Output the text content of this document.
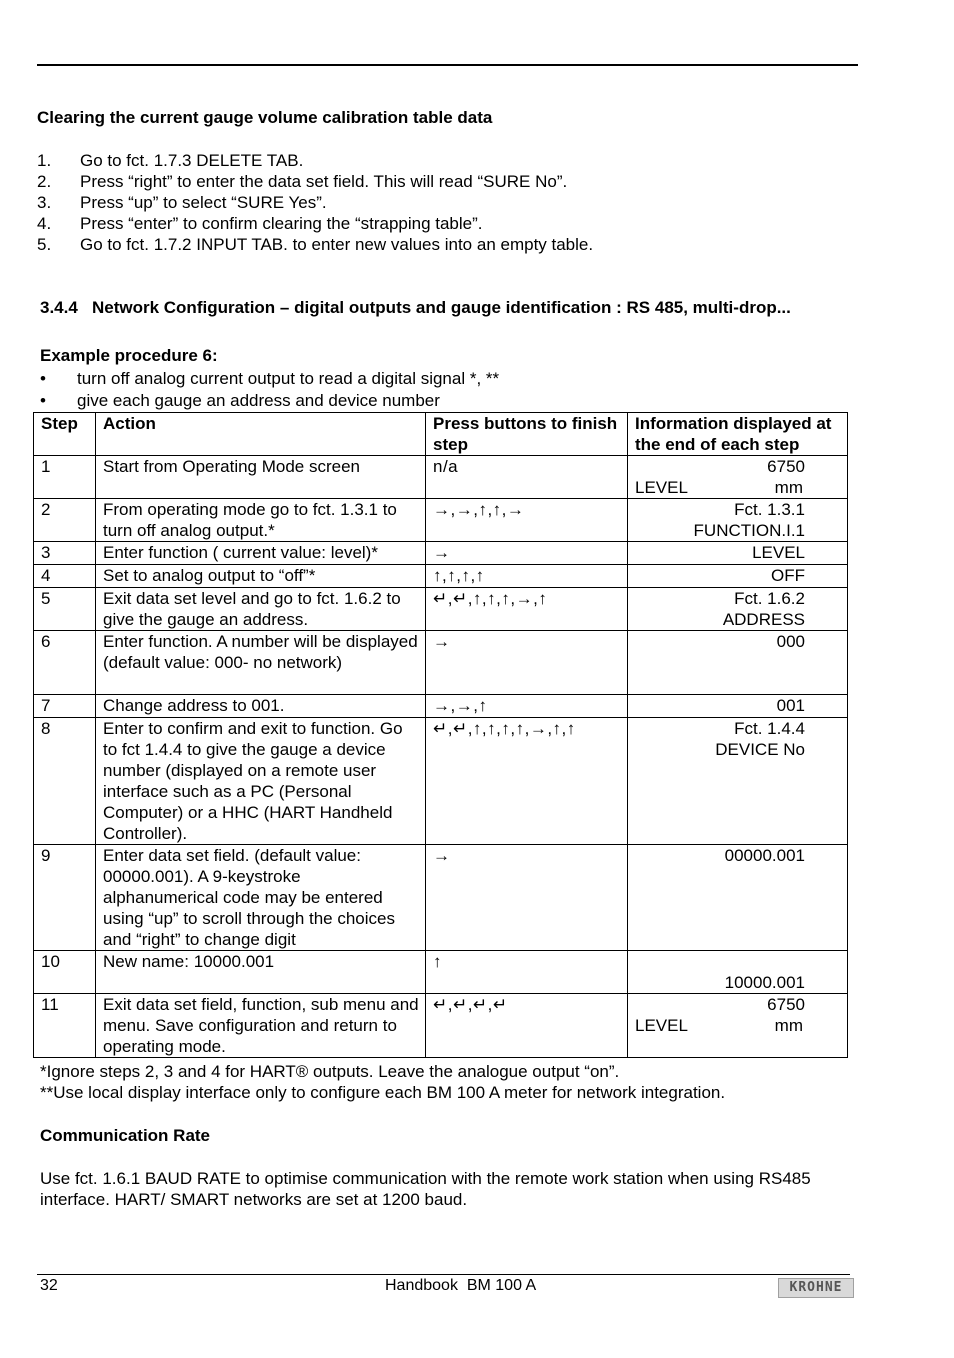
Clearing the current gauge volume calibration table data
1. Go to fct. 1.7.3 DELETE TAB.
2. Press “right” to enter the data set field. This will read “SURE No”.
3. Press “up” to select “SURE Yes”.
4. Press “enter” to confirm clearing the “strapping table”.
5. Go to fct. 1.7.2 INPUT TAB. to enter new values into an empty table.
3.4.4   Network Configuration – digital outputs and gauge identification : RS 485, multi-drop...
Example procedure 6:
• turn off analog current output to read a digital signal *, **
• give each gauge an address and device number
Step	Action	Press buttons to finish step	Information displayed at the end of each step
1	Start from Operating Mode screen	n/a	6750
LEVEL mm

2	From operating mode go to fct. 1.3.1 to turn off analog output.*	→,→,↑,↑,→	Fct. 1.3.1
FUNCTION.I.1

3	Enter function ( current value: level)*	→	LEVEL

4	Set to analog output to “off”*	↑,↑,↑,↑	OFF

5	Exit data set level and go to fct. 1.6.2 to give the gauge an address.	↵,↵,↑,↑,↑,→,↑	Fct. 1.6.2
ADDRESS

6	Enter function. A number will be displayed (default value: 000- no network)	→	000

7	Change address to 001.	→,→,↑	001

8	Enter to confirm and exit to function. Go to fct 1.4.4 to give the gauge a device number (displayed on a remote user interface such as a PC (Personal Computer) or a HHC (HART Handheld Controller).	↵,↵,↑,↑,↑,↑,→,↑,↑	Fct. 1.4.4
DEVICE No

9	Enter data set field. (default value: 00000.001). A 9-keystroke alphanumerical code may be entered using “up” to scroll through the choices and “right” to change digit	→	00000.001

10	New name: 10000.001	↑	10000.001

11	Exit data set field, function, sub menu and menu. Save configuration and return to operating mode.	↵,↵,↵,↵	6750
LEVEL mm
*Ignore steps 2, 3 and 4 for HART® outputs. Leave the analogue output “on”.
**Use local display interface only to configure each BM 100 A meter for network integration.
Communication Rate
Use fct. 1.6.1 BAUD RATE to optimise communication with the remote work station when using RS485 interface. HART/ SMART networks are set at 1200 baud.
32	Handbook  BM 100 A	KROHNE
